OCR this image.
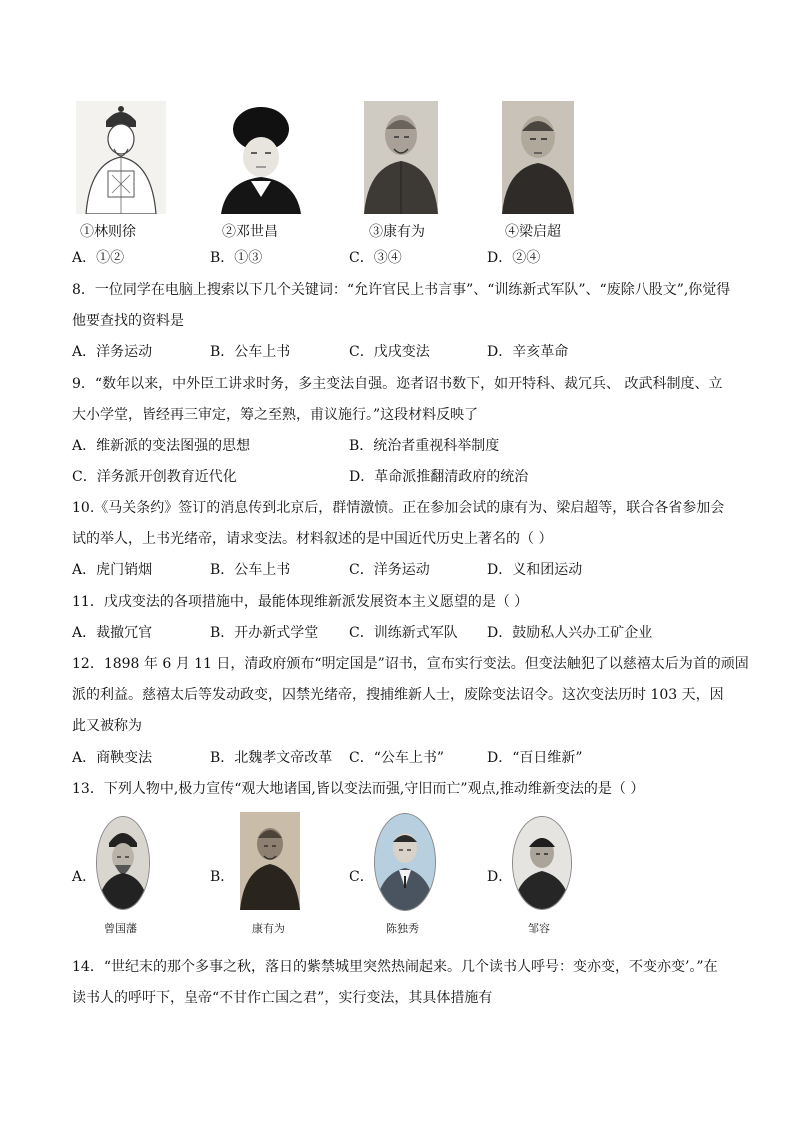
①林则徐	②邓世昌	③康有为	④梁启超
A．①②	B．①③	C．③④	D．②④
8．一位同学在电脑上搜索以下几个关键词：“允许官民上书言事”、“训练新式军队”、“废除八股文”,你觉得
他要查找的资料是
A．洋务运动	B．公车上书	C．戊戌变法	D．辛亥革命
9．“数年以来，中外臣工讲求时务，多主变法自强。迩者诏书数下，如开特科、裁冗兵、 改武科制度、立
大小学堂，皆经再三审定，筹之至熟，甫议施行。”这段材料反映了
A．维新派的变法图强的思想	B．统治者重视科举制度
C．洋务派开创教育近代化	D．革命派推翻清政府的统治
10.《马关条约》签订的消息传到北京后，群情激愤。正在参加会试的康有为、梁启超等，联合各省参加会
试的举人，上书光绪帝，请求变法。材料叙述的是中国近代历史上著名的（ ）
A．虎门销烟	B．公车上书	C．洋务运动	D．义和团运动
11．戊戌变法的各项措施中，最能体现维新派发展资本主义愿望的是（ ）
A．裁撤冗官	B．开办新式学堂 C．训练新式军队 D．鼓励私人兴办工矿企业
12．1898 年 6 月 11 日，清政府颁布“明定国是”诏书，宣布实行变法。但变法触犯了以慈禧太后为首的顽固
派的利益。慈禧太后等发动政变，囚禁光绪帝，搜捕维新人士，废除变法诏令。这次变法历时 103 天，因
此又被称为
A．商鞅变法	B．北魏孝文帝改革 C．“公车上书”	D．“百日维新”
13．下列人物中,极力宣传“观大地诸国,皆以变法而强,守旧而亡”观点,推动维新变法的是（ ）
A．
曾国藩
B．
康有为
C．
陈独秀
D．
邹容
14．“世纪末的那个多事之秋，落日的紫禁城里突然热闹起来。几个读书人呼号：变亦变，不变亦变’。”在
读书人的呼吁下，皇帝“不甘作亡国之君”，实行变法，其具体措施有
